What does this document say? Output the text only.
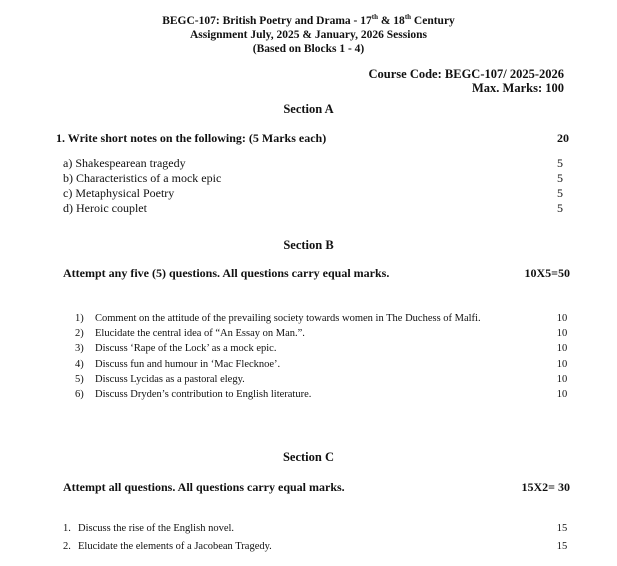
BEGC-107: British Poetry and Drama - 17th & 18th Century
Assignment July, 2025 & January, 2026 Sessions
(Based on Blocks 1 - 4)
Course Code: BEGC-107/ 2025-2026
Max. Marks: 100
Section A
1. Write short notes on the following: (5 Marks each)	20
a) Shakespearean tragedy	5
b) Characteristics of a mock epic	5
c) Metaphysical Poetry	5
d) Heroic couplet	5
Section B
Attempt any five (5) questions. All questions carry equal marks.	10X5=50
1) Comment on the attitude of the prevailing society towards women in The Duchess of Malfi.	10
2) Elucidate the central idea of “An Essay on Man.”.	10
3) Discuss ‘Rape of the Lock’ as a mock epic.	10
4) Discuss fun and humour in ‘Mac Flecknoe’.	10
5) Discuss Lycidas as a pastoral elegy.	10
6) Discuss Dryden’s contribution to English literature.	10
Section C
Attempt all questions. All questions carry equal marks.	15X2= 30
1. Discuss the rise of the English novel.	15
2. Elucidate the elements of a Jacobean Tragedy.	15
